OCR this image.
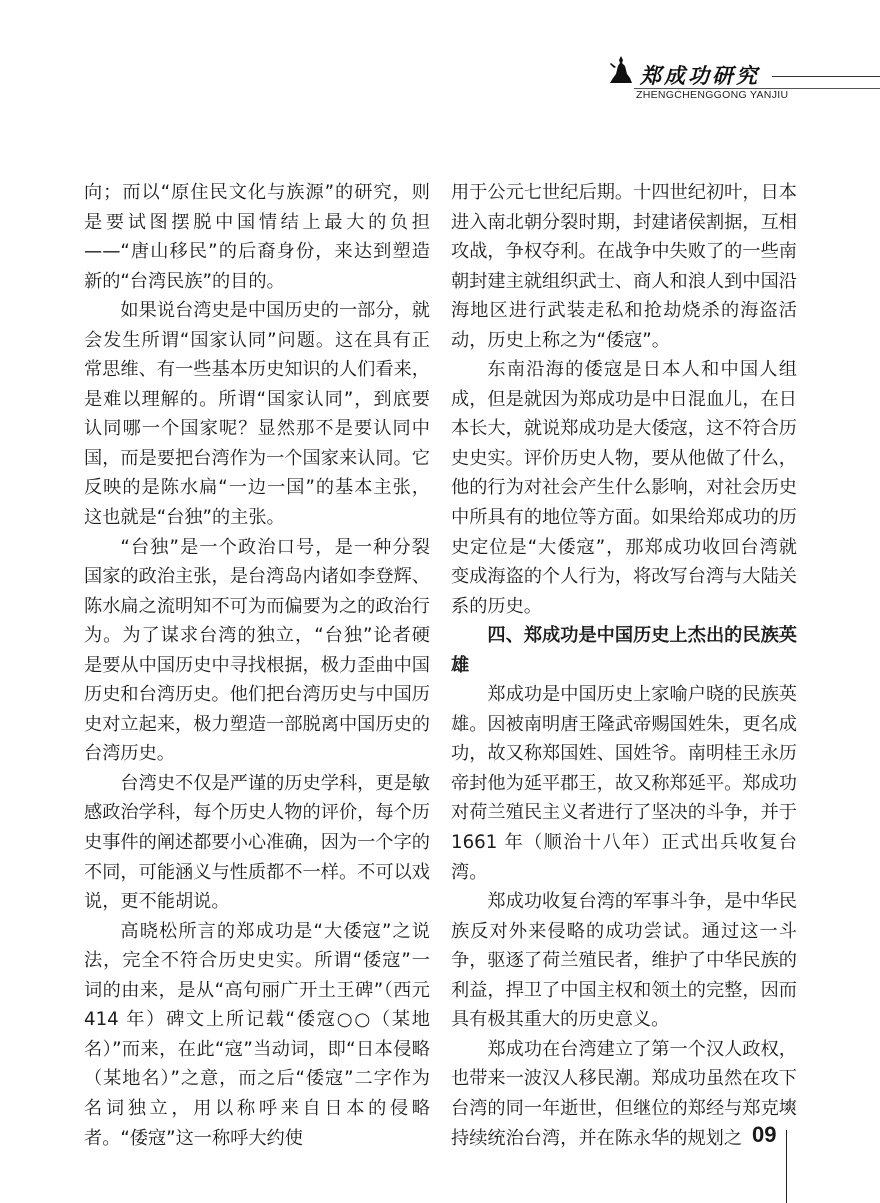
郑成功研究
ZHENGCHENGGONG YANJIU

向；而以“原住民文化与族源”的研究，则是要试图摆脱中国情结上最大的负担——“唐山移民”的后裔身份，来达到塑造新的“台湾民族”的目的。

如果说台湾史是中国历史的一部分，就会发生所谓“国家认同”问题。这在具有正常思维、有一些基本历史知识的人们看来，是难以理解的。所谓“国家认同”，到底要认同哪一个国家呢？显然那不是要认同中国，而是要把台湾作为一个国家来认同。它反映的是陈水扁“一边一国”的基本主张，这也就是“台独”的主张。

“台独”是一个政治口号，是一种分裂国家的政治主张，是台湾岛内诸如李登辉、陈水扁之流明知不可为而偏要为之的政治行为。为了谋求台湾的独立，“台独”论者硬是要从中国历史中寻找根据，极力歪曲中国历史和台湾历史。他们把台湾历史与中国历史对立起来，极力塑造一部脱离中国历史的台湾历史。

台湾史不仅是严谨的历史学科，更是敏感政治学科，每个历史人物的评价，每个历史事件的阐述都要小心准确，因为一个字的不同，可能涵义与性质都不一样。不可以戏说，更不能胡说。

高晓松所言的郑成功是“大倭寇”之说法，完全不符合历史史实。所谓“倭寇”一词的由来，是从“高句丽广开土王碑”（西元 414 年）碑文上所记载“倭寇○○（某地名）”而来，在此“寇”当动词，即“日本侵略（某地名）”之意，而之后“倭寇”二字作为名词独立，用以称呼来自日本的侵略者。“倭寇”这一称呼大约使

用于公元七世纪后期。十四世纪初叶，日本进入南北朝分裂时期，封建诸侯割据，互相攻战，争权夺利。在战争中失败了的一些南朝封建主就组织武士、商人和浪人到中国沿海地区进行武装走私和抢劫烧杀的海盗活动，历史上称之为“倭寇”。

东南沿海的倭寇是日本人和中国人组成，但是就因为郑成功是中日混血儿，在日本长大，就说郑成功是大倭寇，这不符合历史史实。评价历史人物，要从他做了什么，他的行为对社会产生什么影响，对社会历史中所具有的地位等方面。如果给郑成功的历史定位是“大倭寇”，那郑成功收回台湾就变成海盗的个人行为，将改写台湾与大陆关系的历史。

四、郑成功是中国历史上杰出的民族英雄

郑成功是中国历史上家喻户晓的民族英雄。因被南明唐王隆武帝赐国姓朱，更名成功，故又称郑国姓、国姓爷。南明桂王永历帝封他为延平郡王，故又称郑延平。郑成功对荷兰殖民主义者进行了坚决的斗争，并于 1661 年（顺治十八年）正式出兵收复台湾。

郑成功收复台湾的军事斗争，是中华民族反对外来侵略的成功尝试。通过这一斗争，驱逐了荷兰殖民者，维护了中华民族的利益，捍卫了中国主权和领土的完整，因而具有极其重大的历史意义。

郑成功在台湾建立了第一个汉人政权，也带来一波汉人移民潮。郑成功虽然在攻下台湾的同一年逝世，但继位的郑经与郑克塽持续统治台湾，并在陈永华的规划之 09
